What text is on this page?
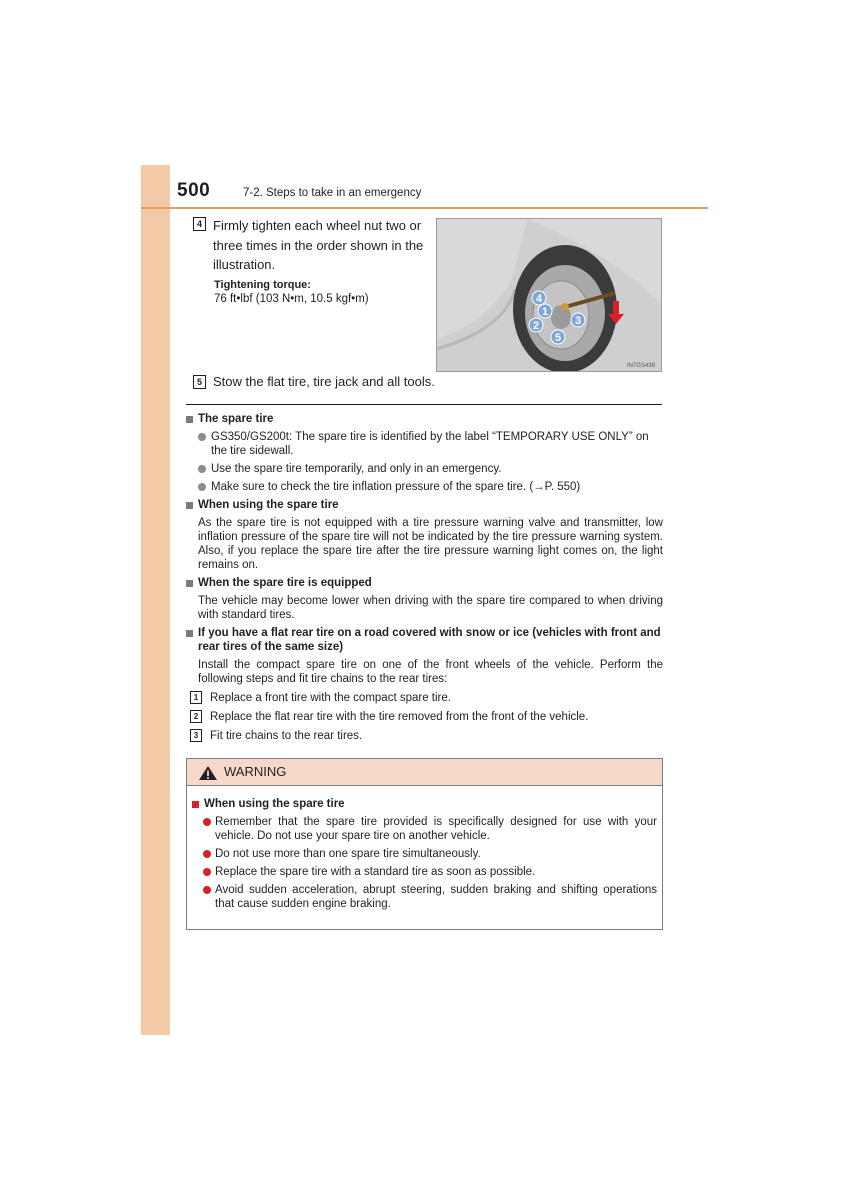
500	7-2. Steps to take in an emergency
4 Firmly tighten each wheel nut two or three times in the order shown in the illustration.
Tightening torque:
76 ft•lbf (103 N•m, 10.5 kgf•m)	4
2
1
3
5
IN7GS438
5 Stow the flat tire, tire jack and all tools.
The spare tire
GS350/GS200t: The spare tire is identified by the label “TEMPORARY USE ONLY” on the tire sidewall.
Use the spare tire temporarily, and only in an emergency.
Make sure to check the tire inflation pressure of the spare tire. (→P. 550)
When using the spare tire
As the spare tire is not equipped with a tire pressure warning valve and transmitter, low inflation pressure of the spare tire will not be indicated by the tire pressure warning system. Also, if you replace the spare tire after the tire pressure warning light comes on, the light remains on.
When the spare tire is equipped
The vehicle may become lower when driving with the spare tire compared to when driving with standard tires.
If you have a flat rear tire on a road covered with snow or ice (vehicles with front and rear tires of the same size)
Install the compact spare tire on one of the front wheels of the vehicle. Perform the following steps and fit tire chains to the rear tires:
1	Replace a front tire with the compact spare tire.
2	Replace the flat rear tire with the tire removed from the front of the vehicle.
3	Fit tire chains to the rear tires.
WARNING
When using the spare tire
Remember that the spare tire provided is specifically designed for use with your vehicle. Do not use your spare tire on another vehicle.
Do not use more than one spare tire simultaneously.
Replace the spare tire with a standard tire as soon as possible.
Avoid sudden acceleration, abrupt steering, sudden braking and shifting operations that cause sudden engine braking.
